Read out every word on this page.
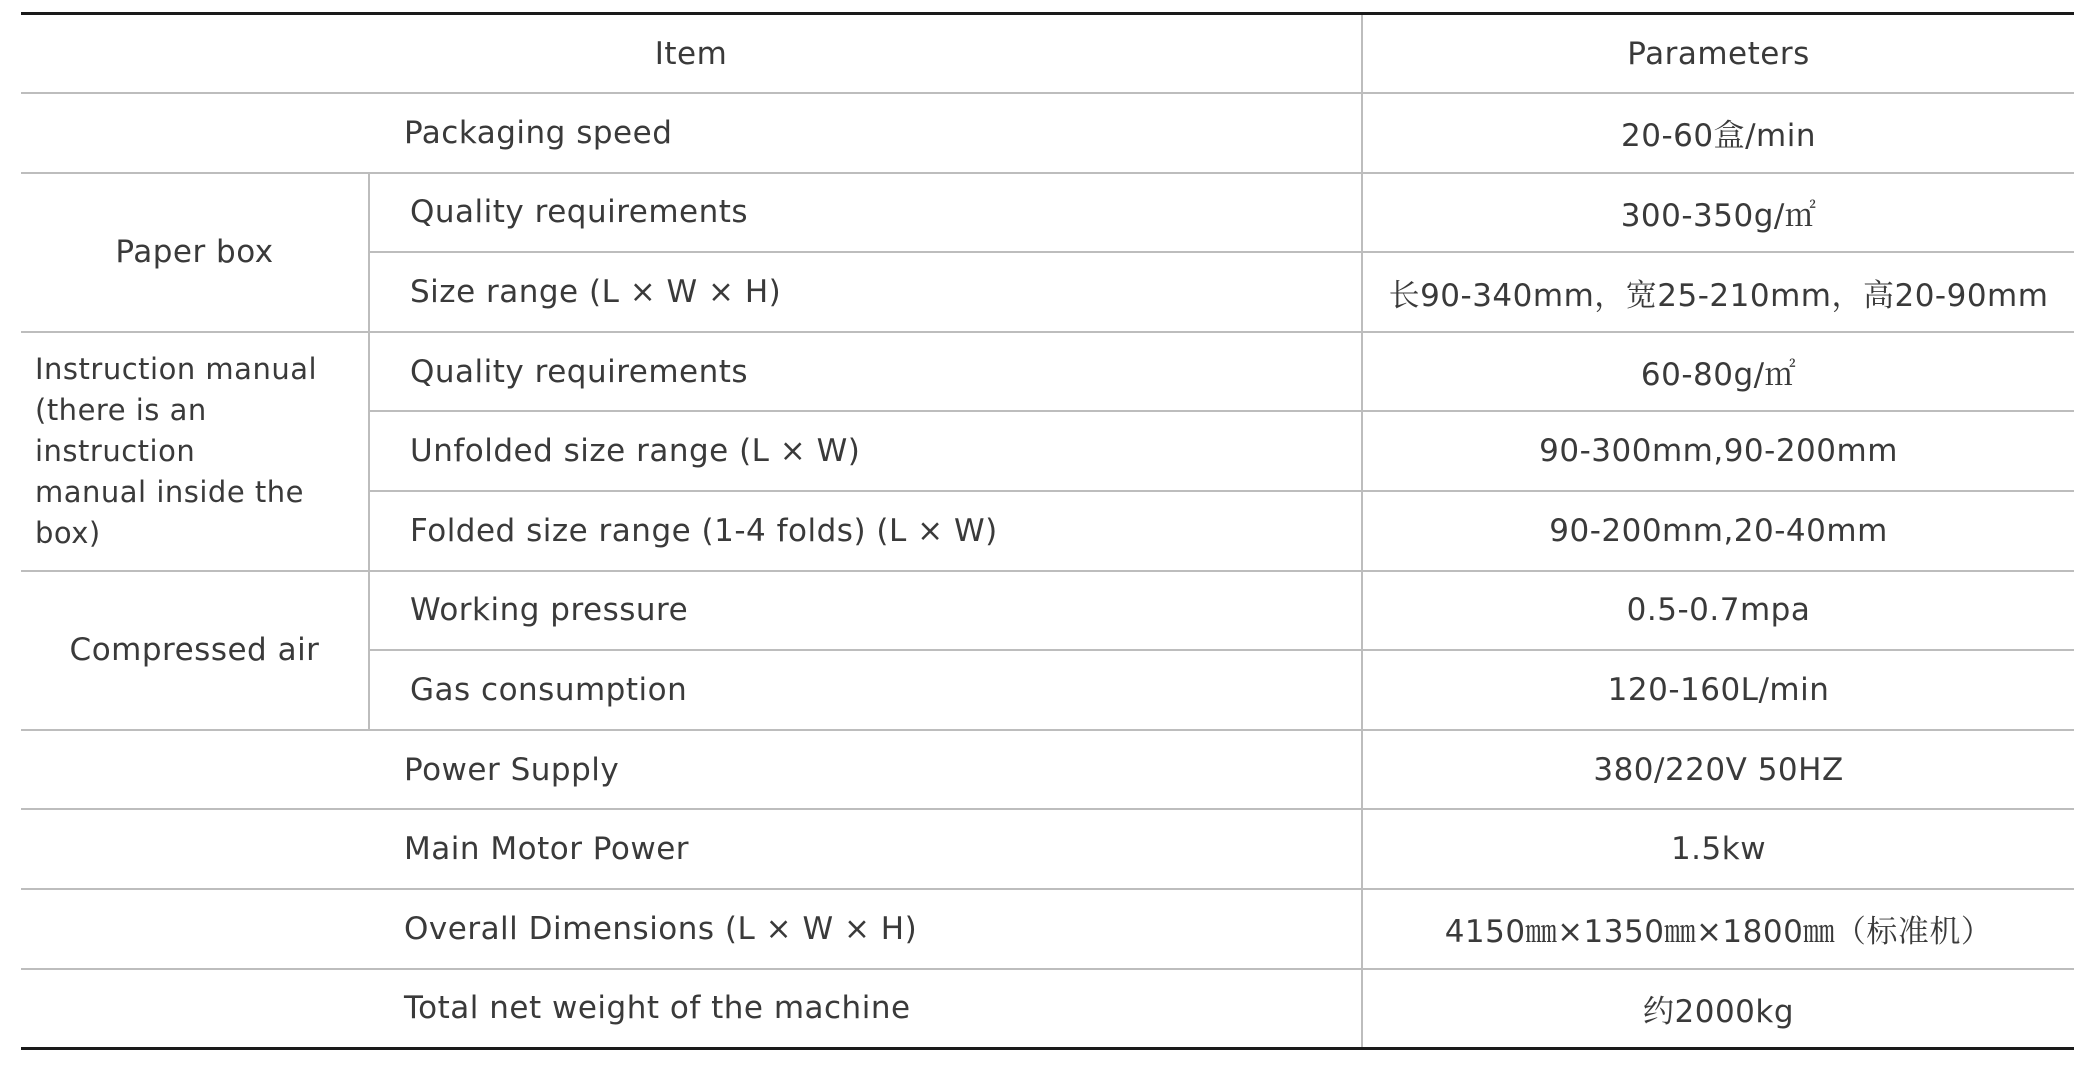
Item		Parameters
Packaging speed		20-60盒/min
Paper box	Quality requirements	300-350g/㎡
	Size range (L × W × H)	长90-340mm，宽25-210mm，高20-90mm
Instruction manual
(there is an instruction
manual inside the box)	Quality requirements	60-80g/㎡
	Unfolded size range (L × W)	90-300mm,90-200mm
	Folded size range (1-4 folds) (L × W)	90-200mm,20-40mm
Compressed air	Working pressure	0.5-0.7mpa
	Gas consumption	120-160L/min
Power Supply		380/220V 50HZ
Main Motor Power		1.5kw
Overall Dimensions (L × W × H)		4150㎜×1350㎜×1800㎜（标准机）
Total net weight of the machine		约2000kg
